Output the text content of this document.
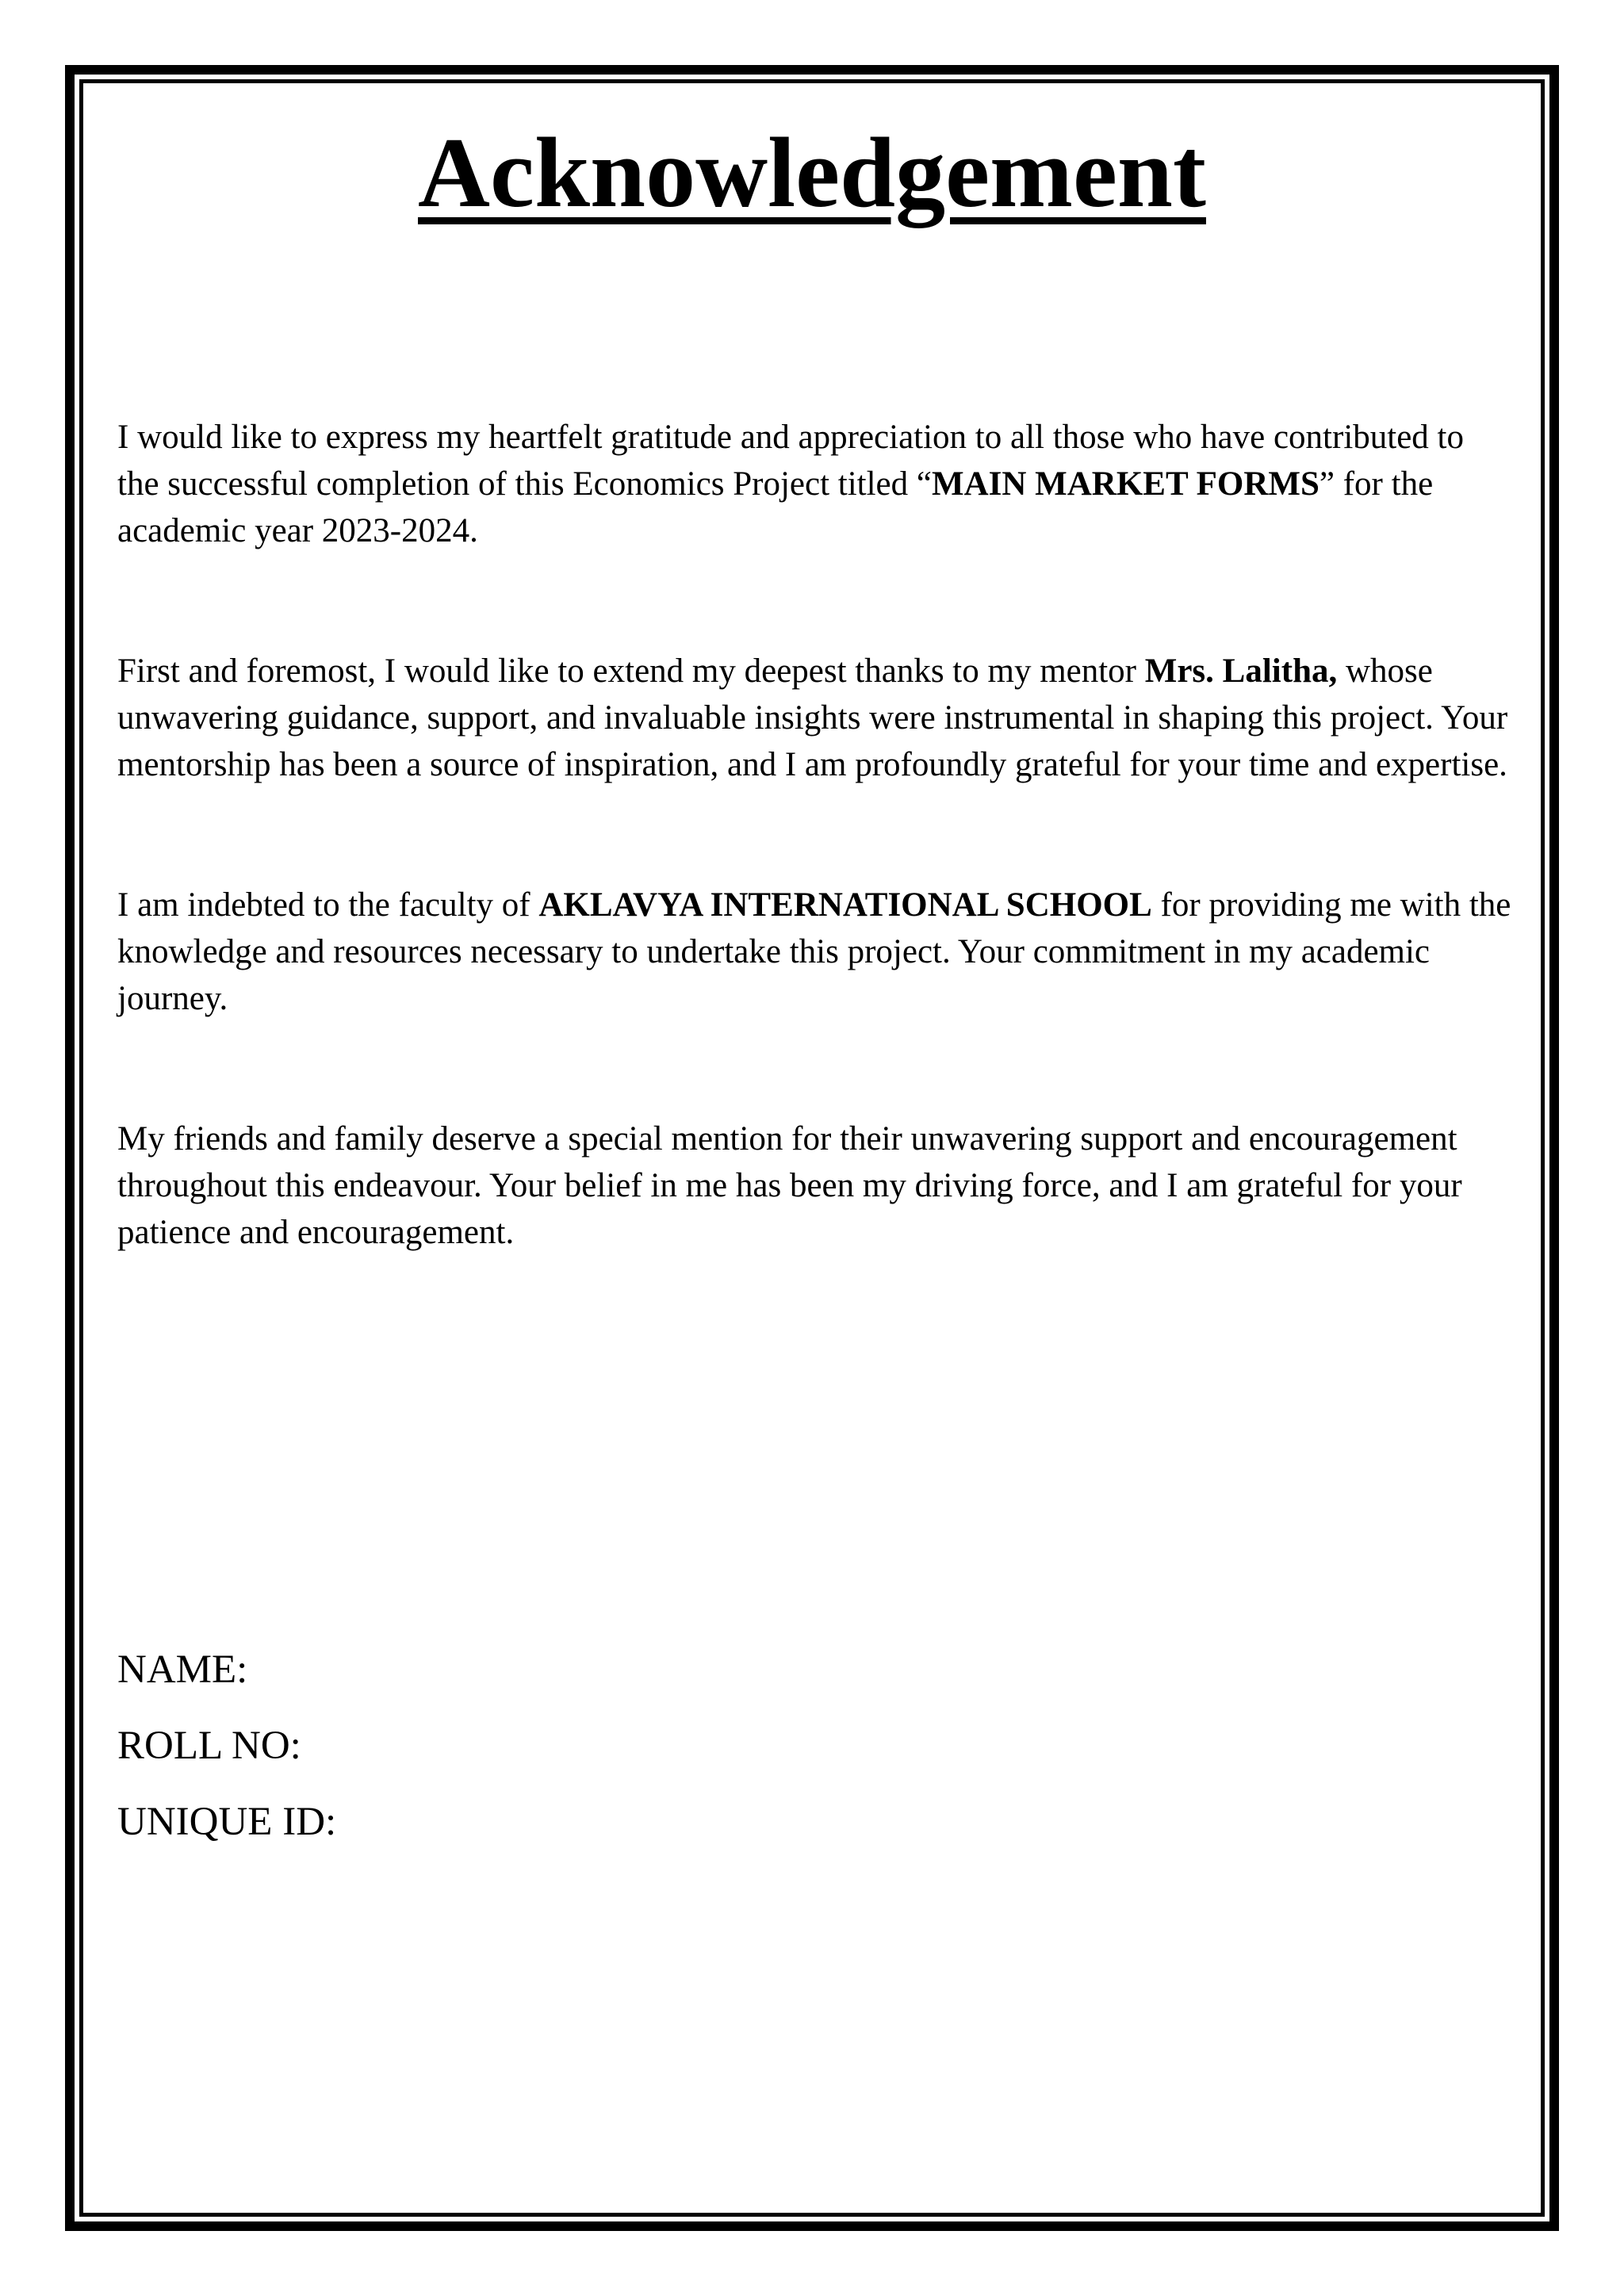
Acknowledgement

I would like to express my heartfelt gratitude and appreciation to all those who have contributed to the successful completion of this Economics Project titled “MAIN MARKET FORMS” for the academic year 2023-2024.

First and foremost, I would like to extend my deepest thanks to my mentor Mrs. Lalitha, whose unwavering guidance, support, and invaluable insights were instrumental in shaping this project. Your mentorship has been a source of inspiration, and I am profoundly grateful for your time and expertise.

I am indebted to the faculty of AKLAVYA INTERNATIONAL SCHOOL for providing me with the knowledge and resources necessary to undertake this project. Your commitment in my academic journey.

My friends and family deserve a special mention for their unwavering support and encouragement throughout this endeavour. Your belief in me has been my driving force, and I am grateful for your patience and encouragement.

NAME:
ROLL NO:
UNIQUE ID:
